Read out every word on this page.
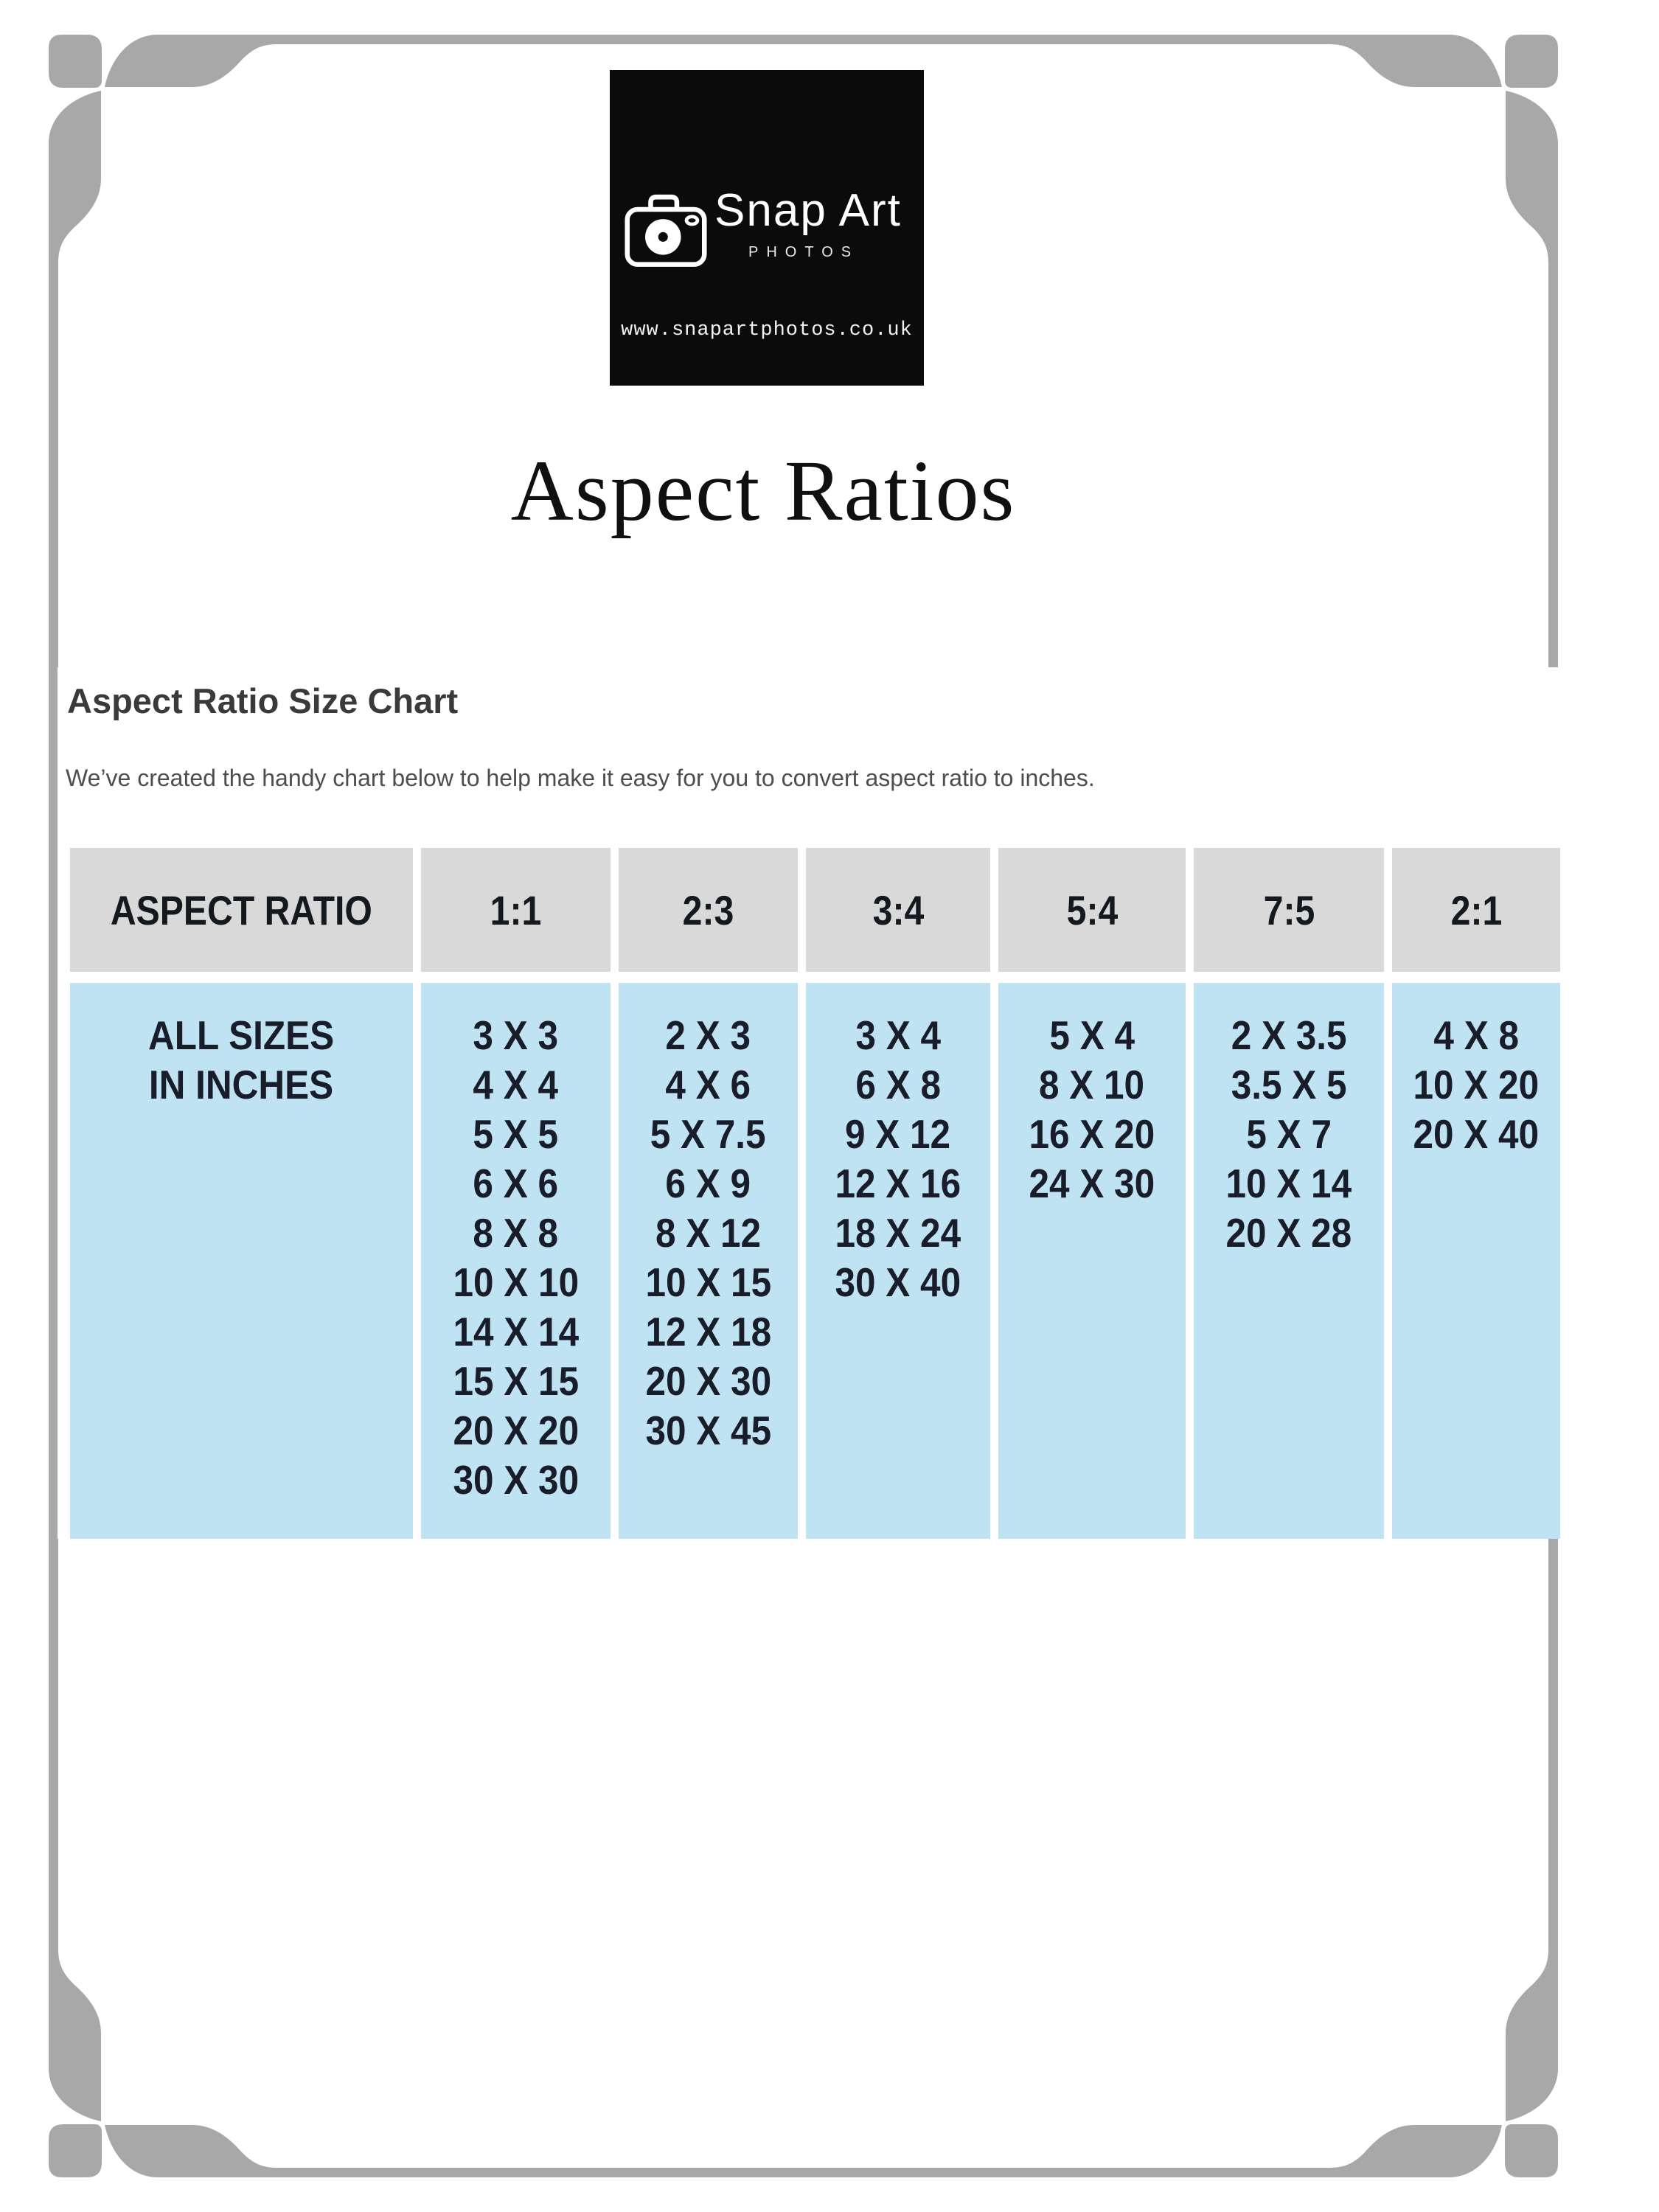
Snap Art
PHOTOS
www.snapartphotos.co.uk
Aspect Ratios
Aspect Ratio Size Chart
We’ve created the handy chart below to help make it easy for you to convert aspect ratio to inches.
ASPECT RATIO
ALL SIZES
IN INCHES
1:1
3 X 3
4 X 4
5 X 5
6 X 6
8 X 8
10 X 10
14 X 14
15 X 15
20 X 20
30 X 30
2:3
2 X 3
4 X 6
5 X 7.5
6 X 9
8 X 12
10 X 15
12 X 18
20 X 30
30 X 45
3:4
3 X 4
6 X 8
9 X 12
12 X 16
18 X 24
30 X 40
5:4
5 X 4
8 X 10
16 X 20
24 X 30
7:5
2 X 3.5
3.5 X 5
5 X 7
10 X 14
20 X 28
2:1
4 X 8
10 X 20
20 X 40
